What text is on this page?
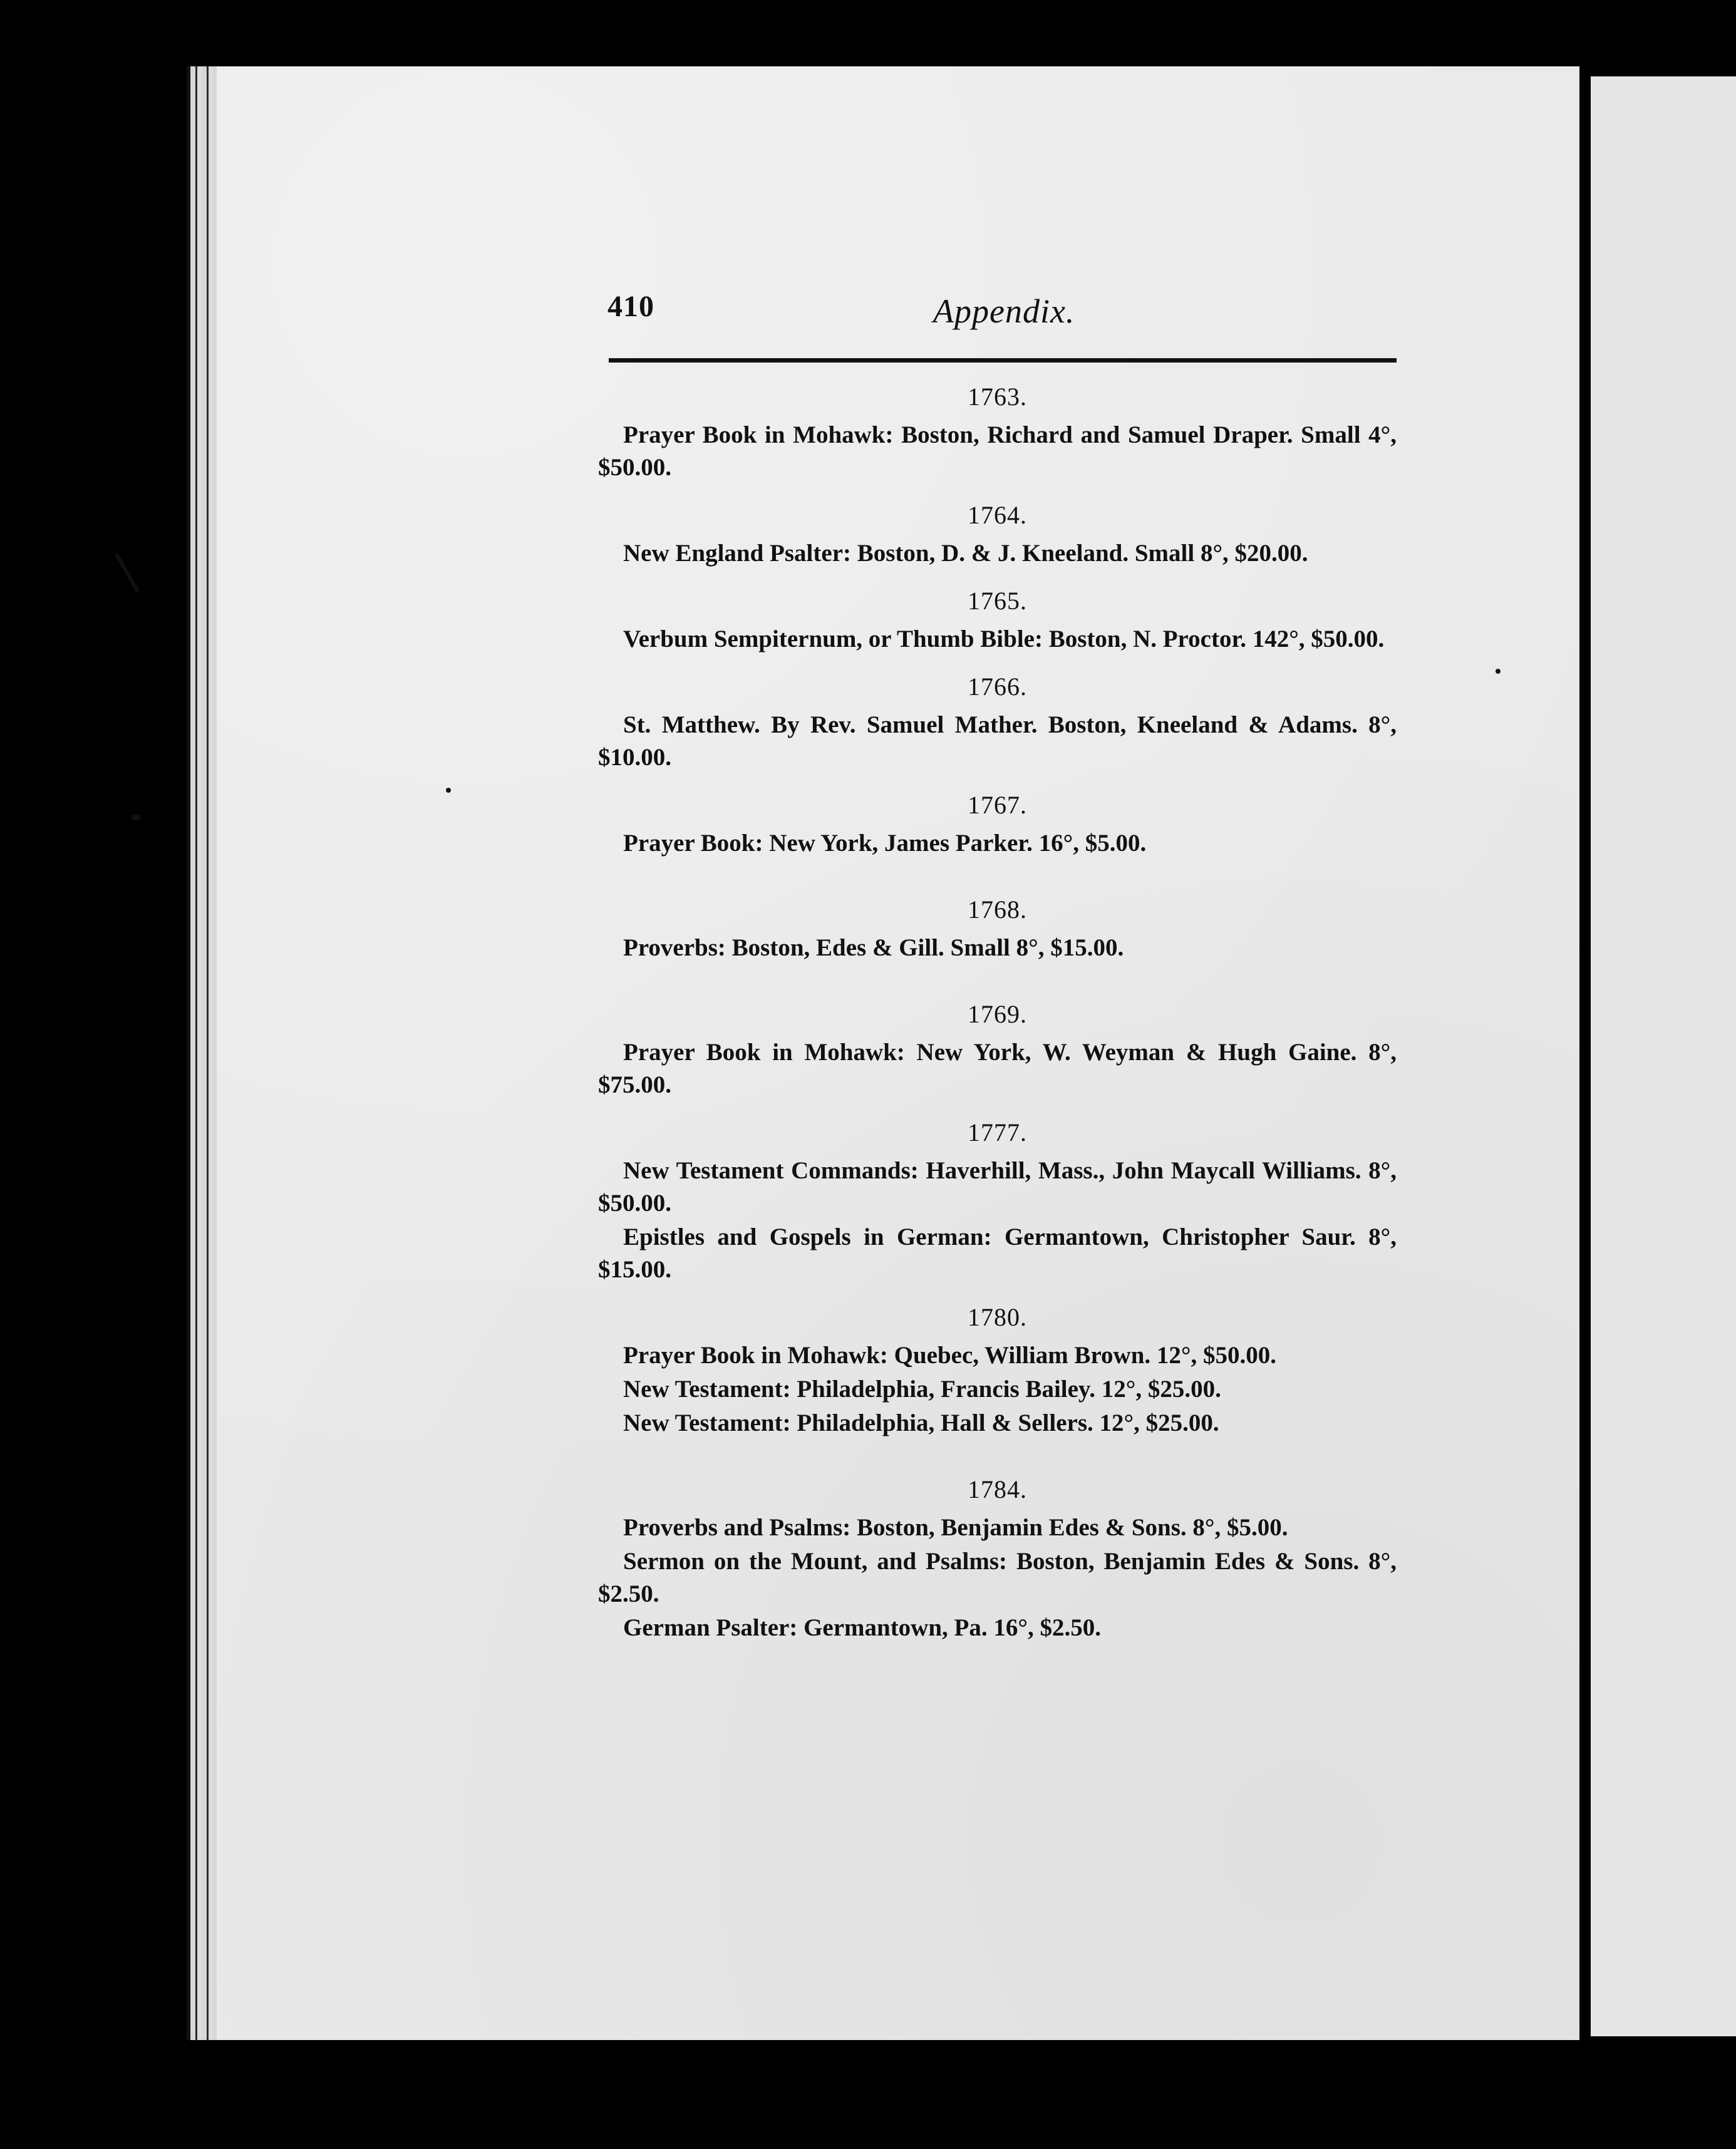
410	Appendix.
1763.

Prayer Book in Mohawk: Boston, Richard and Samuel Draper. Small 4°, $50.00.

1764.

New England Psalter: Boston, D. & J. Kneeland. Small 8°, $20.00.

1765.

Verbum Sempiternum, or Thumb Bible: Boston, N. Proctor. 142°, $50.00.

1766.

St. Matthew. By Rev. Samuel Mather. Boston, Kneeland & Adams. 8°, $10.00.

1767.

Prayer Book: New York, James Parker. 16°, $5.00.

1768.

Proverbs: Boston, Edes & Gill. Small 8°, $15.00.

1769.

Prayer Book in Mohawk: New York, W. Weyman & Hugh Gaine. 8°, $75.00.

1777.

New Testament Commands: Haverhill, Mass., John Maycall Williams. 8°, $50.00.

Epistles and Gospels in German: Germantown, Christopher Saur. 8°, $15.00.

1780.

Prayer Book in Mohawk: Quebec, William Brown. 12°, $50.00.

New Testament: Philadelphia, Francis Bailey. 12°, $25.00.

New Testament: Philadelphia, Hall & Sellers. 12°, $25.00.

1784.

Proverbs and Psalms: Boston, Benjamin Edes & Sons. 8°, $5.00.

Sermon on the Mount, and Psalms: Boston, Benjamin Edes & Sons. 8°, $2.50.

German Psalter: Germantown, Pa. 16°, $2.50.
